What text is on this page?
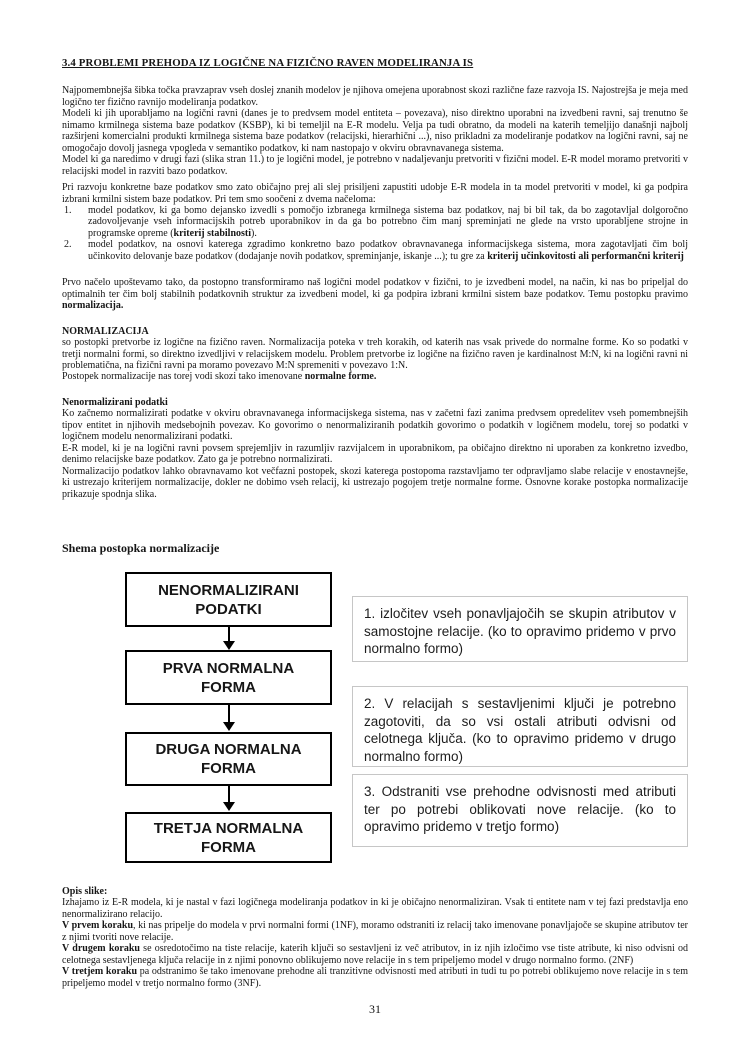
3.4 PROBLEMI PREHODA IZ LOGIČNE NA FIZIČNO RAVEN MODELIRANJA IS

Najpomembnejša šibka točka pravzaprav vseh doslej znanih modelov je njihova omejena uporabnost skozi različne faze razvoja IS. Najostrejša je meja med logično ter fizično ravnijo modeliranja podatkov.

Modeli ki jih uporabljamo na logični ravni (danes je to predvsem model entiteta – povezava), niso direktno uporabni na izvedbeni ravni, saj trenutno še nimamo krmilnega sistema baze podatkov (KSBP), ki bi temeljil na E-R modelu. Velja pa tudi obratno, da modeli na katerih temeljijo današnji najbolj razširjeni komercialni produkti krmilnega sistema baze podatkov (relacijski, hierarhični ...), niso prikladni za modeliranje podatkov na logični ravni, saj ne omogočajo dovolj jasnega vpogleda v semantiko podatkov, ki nam nastopajo v okviru obravnavanega sistema.

Model ki ga naredimo v drugi fazi (slika stran 11.) to je logični model, je potrebno v nadaljevanju pretvoriti v fizični model. E-R model moramo pretvoriti v relacijski model in razviti bazo podatkov.

Pri razvoju konkretne baze podatkov smo zato običajno prej ali slej prisiljeni zapustiti udobje E-R modela in ta model pretvoriti v model, ki ga podpira izbrani krmilni sistem baze podatkov. Pri tem smo soočeni z dvema načeloma:

1. model podatkov, ki ga bomo dejansko izvedli s pomočjo izbranega krmilnega sistema baz podatkov, naj bi bil tak, da bo zagotavljal dolgoročno zadovoljevanje vseh informacijskih potreb uporabnikov in da ga bo potrebno čim manj spreminjati ne glede na vrsto uporabljene strojne in programske opreme (kriterij stabilnosti).
2. model podatkov, na osnovi katerega zgradimo konkretno bazo podatkov obravnavanega informacijskega sistema, mora zagotavljati čim bolj učinkovito delovanje baze podatkov (dodajanje novih podatkov, spreminjanje, iskanje ...); tu gre za kriterij učinkovitosti ali performančni kriterij

Prvo načelo upoštevamo tako, da postopno transformiramo naš logični model podatkov v fizični, to je izvedbeni model, na način, ki nas bo pripeljal do optimalnih ter čim bolj stabilnih podatkovnih struktur za izvedbeni model, ki ga podpira izbrani krmilni sistem baze podatkov. Temu postopku pravimo normalizacija.

NORMALIZACIJA

so postopki pretvorbe iz logične na fizično raven. Normalizacija poteka v treh korakih, od katerih nas vsak privede do normalne forme. Ko so podatki v tretji normalni formi, so direktno izvedljivi v relacijskem modelu. Problem pretvorbe iz logične na fizično raven je kardinalnost M:N, ki na logični ravni ni problematična, na fizični ravni pa moramo povezavo M:N spremeniti v povezavo 1:N.

Postopek normalizacije nas torej vodi skozi tako imenovane normalne forme.

Nenormalizirani podatki

Ko začnemo normalizirati podatke v okviru obravnavanega informacijskega sistema, nas v začetni fazi zanima predvsem opredelitev vseh pomembnejših tipov entitet in njihovih medsebojnih povezav. Ko govorimo o nenormaliziranih podatkih govorimo o podatkih v logičnem modelu, torej so podatki v logičnem modelu nenormalizirani podatki.

E-R model, ki je na logični ravni povsem sprejemljiv in razumljiv razvijalcem in uporabnikom, pa običajno direktno ni uporaben za konkretno izvedbo, denimo relacijske baze podatkov. Zato ga je potrebno normalizirati.

Normalizacijo podatkov lahko obravnavamo kot večfazni postopek, skozi katerega postopoma razstavljamo ter odpravljamo slabe relacije v enostavnejše, ki ustrezajo kriterijem normalizacije, dokler ne dobimo vseh relacij, ki ustrezajo pogojem tretje normalne forme. Osnovne korake postopka normalizacije prikazuje spodnja slika.

Shema postopka normalizacije
NENORMALIZIRANI PODATKI
PRVA NORMALNA FORMA
DRUGA NORMALNA FORMA
TRETJA NORMALNA FORMA
1. izločitev vseh ponavljajočih se skupin atributov v samostojne relacije. (ko to opravimo pridemo v prvo normalno formo)
2. V relacijah s sestavljenimi ključi je potrebno zagotoviti, da so vsi ostali atributi odvisni od celotnega ključa. (ko to opravimo pridemo v drugo normalno formo)
3. Odstraniti vse prehodne odvisnosti med atributi ter po potrebi oblikovati nove relacije. (ko to opravimo pridemo v tretjo formo)

Opis slike:

Izhajamo iz E-R modela, ki je nastal v fazi logičnega modeliranja podatkov in ki je običajno nenormaliziran. Vsak ti entitete nam v tej fazi predstavlja eno nenormalizirano relacijo.

V prvem koraku, ki nas pripelje do modela v prvi normalni formi (1NF), moramo odstraniti iz relacij tako imenovane ponavljajoče se skupine atributov ter z njimi tvoriti nove relacije.

V drugem koraku se osredotočimo na tiste relacije, katerih ključi so sestavljeni iz več atributov, in iz njih izločimo vse tiste atribute, ki niso odvisni od celotnega sestavljenega ključa relacije in z njimi ponovno oblikujemo nove relacije in s tem pripeljemo model v drugo normalno formo. (2NF)

V tretjem koraku pa odstranimo še tako imenovane prehodne ali tranzitivne odvisnosti med atributi in tudi tu po potrebi oblikujemo nove relacije in s tem pripeljemo model v tretjo normalno formo (3NF).

31
